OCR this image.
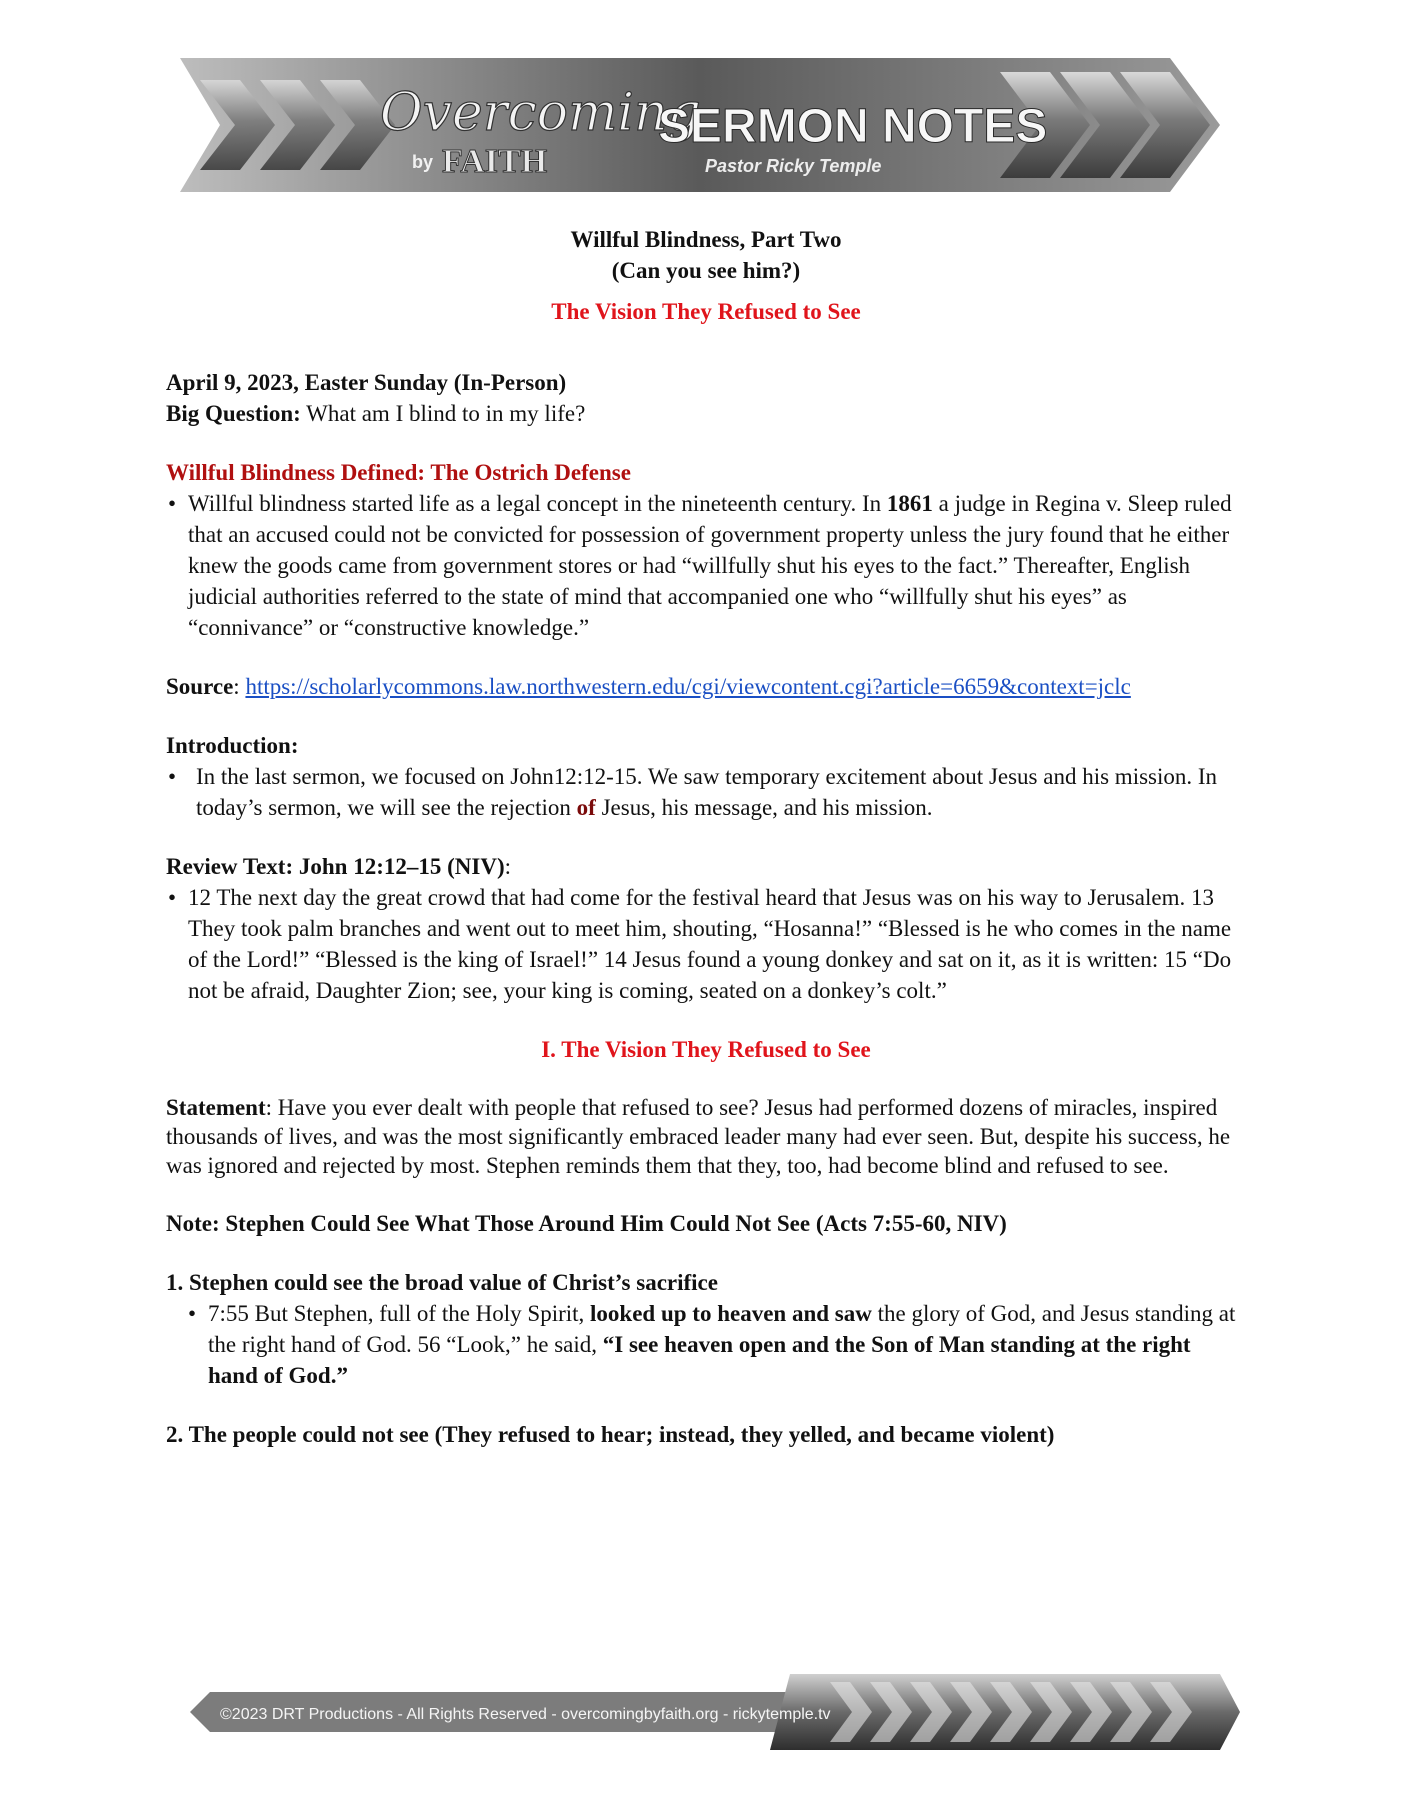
Overcoming
by FAITH
SERMON NOTES
Pastor Ricky Temple

Willful Blindness, Part Two

(Can you see him?)

The Vision They Refused to See

April 9, 2023, Easter Sunday (In-Person)

Big Question: What am I blind to in my life?

Willful Blindness Defined: The Ostrich Defense

• Willful blindness started life as a legal concept in the nineteenth century. In 1861 a judge in Regina v. Sleep ruled that an accused could not be convicted for possession of government property unless the jury found that he either knew the goods came from government stores or had “willfully shut his eyes to the fact.” Thereafter, English judicial authorities referred to the state of mind that accompanied one who “willfully shut his eyes” as “connivance” or “constructive knowledge.”

Source: https://scholarlycommons.law.northwestern.edu/cgi/viewcontent.cgi?article=6659&context=jclc

Introduction:

• In the last sermon, we focused on John12:12-15. We saw temporary excitement about Jesus and his mission. In today’s sermon, we will see the rejection of Jesus, his message, and his mission.

Review Text: John 12:12–15 (NIV):

• 12 The next day the great crowd that had come for the festival heard that Jesus was on his way to Jerusalem. 13 They took palm branches and went out to meet him, shouting, “Hosanna!” “Blessed is he who comes in the name of the Lord!” “Blessed is the king of Israel!” 14 Jesus found a young donkey and sat on it, as it is written: 15 “Do not be afraid, Daughter Zion; see, your king is coming, seated on a donkey’s colt.”

I. The Vision They Refused to See

Statement: Have you ever dealt with people that refused to see? Jesus had performed dozens of miracles, inspired thousands of lives, and was the most significantly embraced leader many had ever seen. But, despite his success, he was ignored and rejected by most. Stephen reminds them that they, too, had become blind and refused to see.

Note: Stephen Could See What Those Around Him Could Not See (Acts 7:55-60, NIV)

1. Stephen could see the broad value of Christ’s sacrifice

• 7:55 But Stephen, full of the Holy Spirit, looked up to heaven and saw the glory of God, and Jesus standing at the right hand of God. 56 “Look,” he said, “I see heaven open and the Son of Man standing at the right hand of God.”

2. The people could not see (They refused to hear; instead, they yelled, and became violent)

©2023 DRT Productions - All Rights Reserved - overcomingbyfaith.org - rickytemple.tv
